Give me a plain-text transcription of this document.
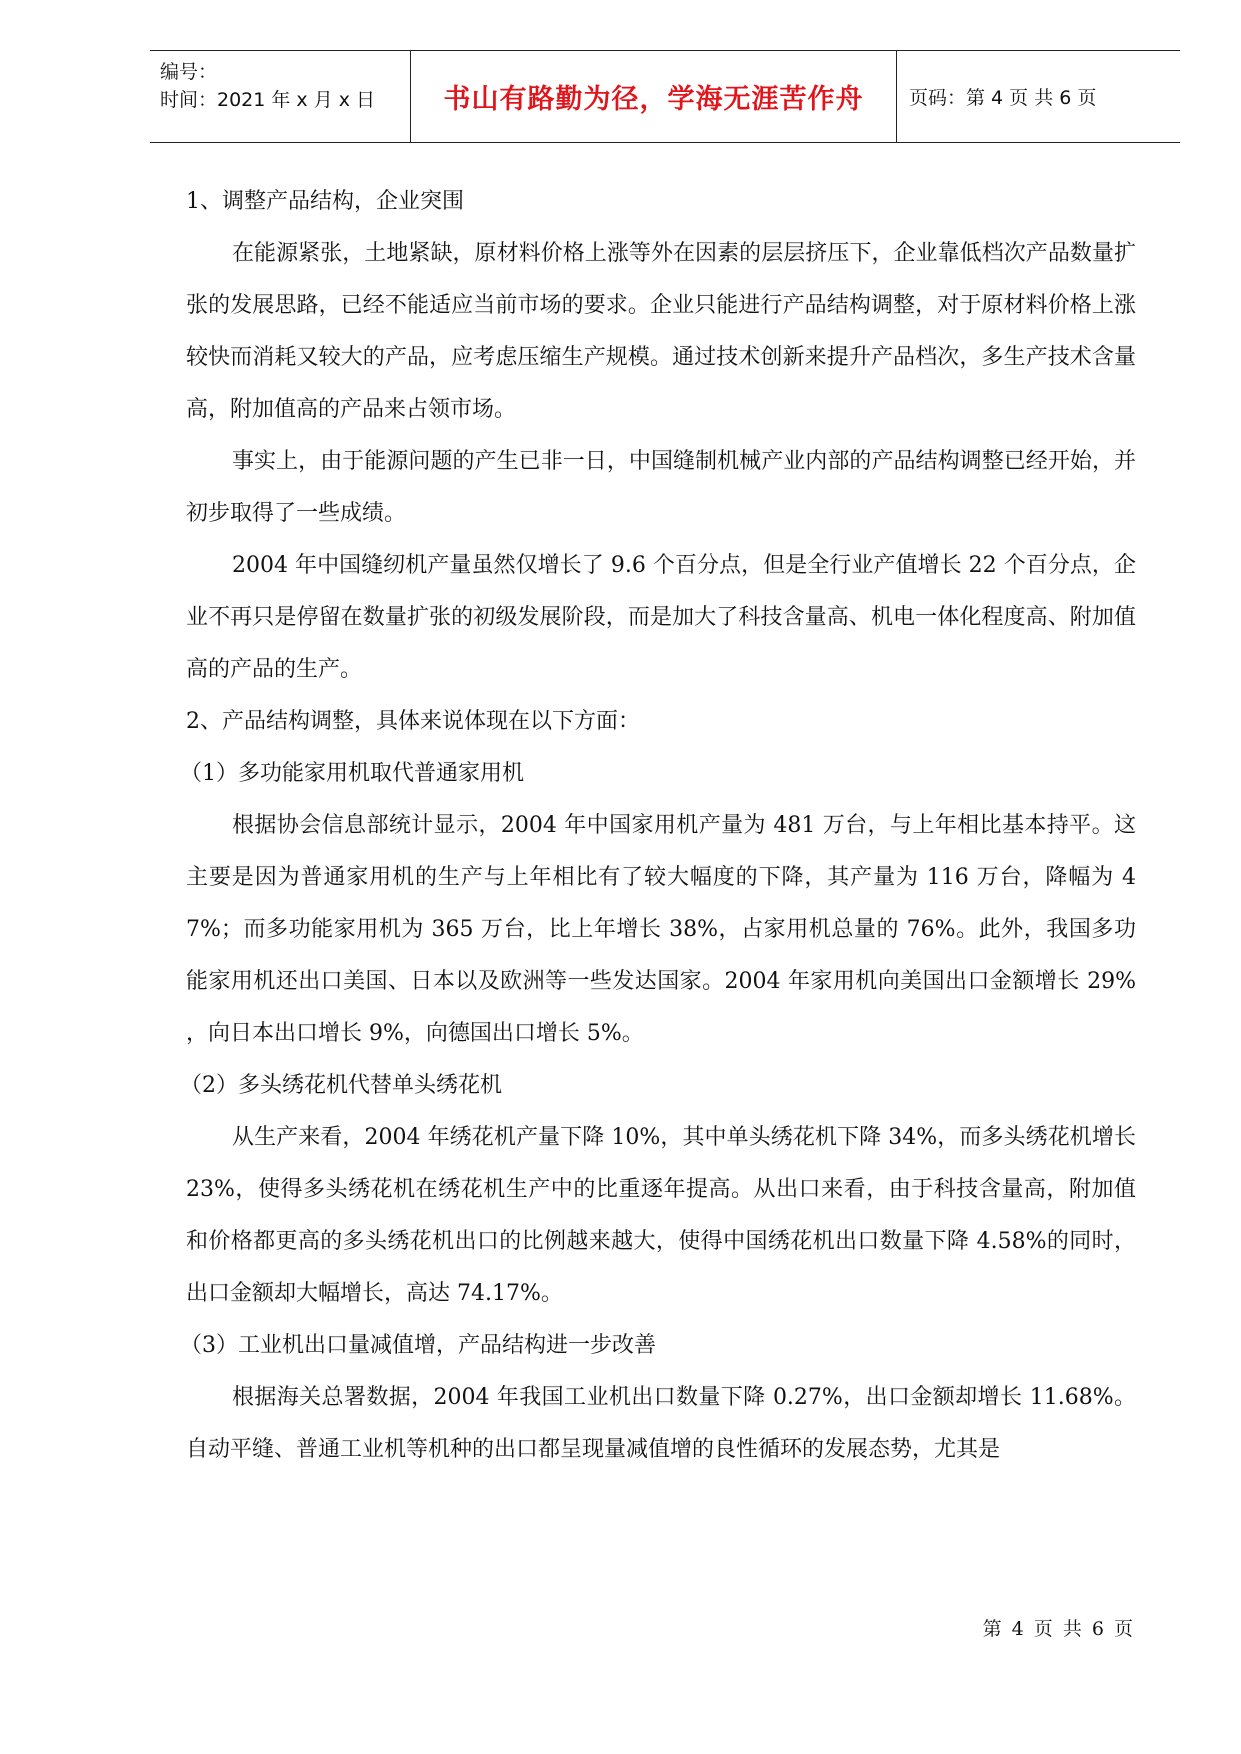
编号：
时间：2021 年 x 月 x 日	书山有路勤为径，学海无涯苦作舟 页码：第 4 页 共 6 页

1、调整产品结构，企业突围

在能源紧张，土地紧缺，原材料价格上涨等外在因素的层层挤压下，企业靠低档次产品数量扩张的发展思路，已经不能适应当前市场的要求。企业只能进行产品结构调整，对于原材料价格上涨较快而消耗又较大的产品，应考虑压缩生产规模。通过技术创新来提升产品档次，多生产技术含量高，附加值高的产品来占领市场。

事实上，由于能源问题的产生已非一日，中国缝制机械产业内部的产品结构调整已经开始，并初步取得了一些成绩。

2004 年中国缝纫机产量虽然仅增长了 9.6 个百分点，但是全行业产值增长 22 个百分点，企业不再只是停留在数量扩张的初级发展阶段，而是加大了科技含量高、机电一体化程度高、附加值高的产品的生产。

2、产品结构调整，具体来说体现在以下方面：

（1）多功能家用机取代普通家用机

根据协会信息部统计显示，2004 年中国家用机产量为 481 万台，与上年相比基本持平。这主要是因为普通家用机的生产与上年相比有了较大幅度的下降，其产量为 116 万台，降幅为 47%；而多功能家用机为 365 万台，比上年增长 38%，占家用机总量的 76%。此外，我国多功能家用机还出口美国、日本以及欧洲等一些发达国家。2004 年家用机向美国出口金额增长 29% ，向日本出口增长 9%，向德国出口增长 5%。

（2）多头绣花机代替单头绣花机

从生产来看，2004 年绣花机产量下降 10%，其中单头绣花机下降 34%，而多头绣花机增长 23%，使得多头绣花机在绣花机生产中的比重逐年提高。从出口来看，由于科技含量高，附加值和价格都更高的多头绣花机出口的比例越来越大，使得中国绣花机出口数量下降 4.58%的同时，出口金额却大幅增长，高达 74.17%。

（3）工业机出口量减值增，产品结构进一步改善

根据海关总署数据，2004 年我国工业机出口数量下降 0.27%，出口金额却增长 11.68%。自动平缝、普通工业机等机种的出口都呈现量减值增的良性循环的发展态势，尤其是

第 4 页 共 6 页
